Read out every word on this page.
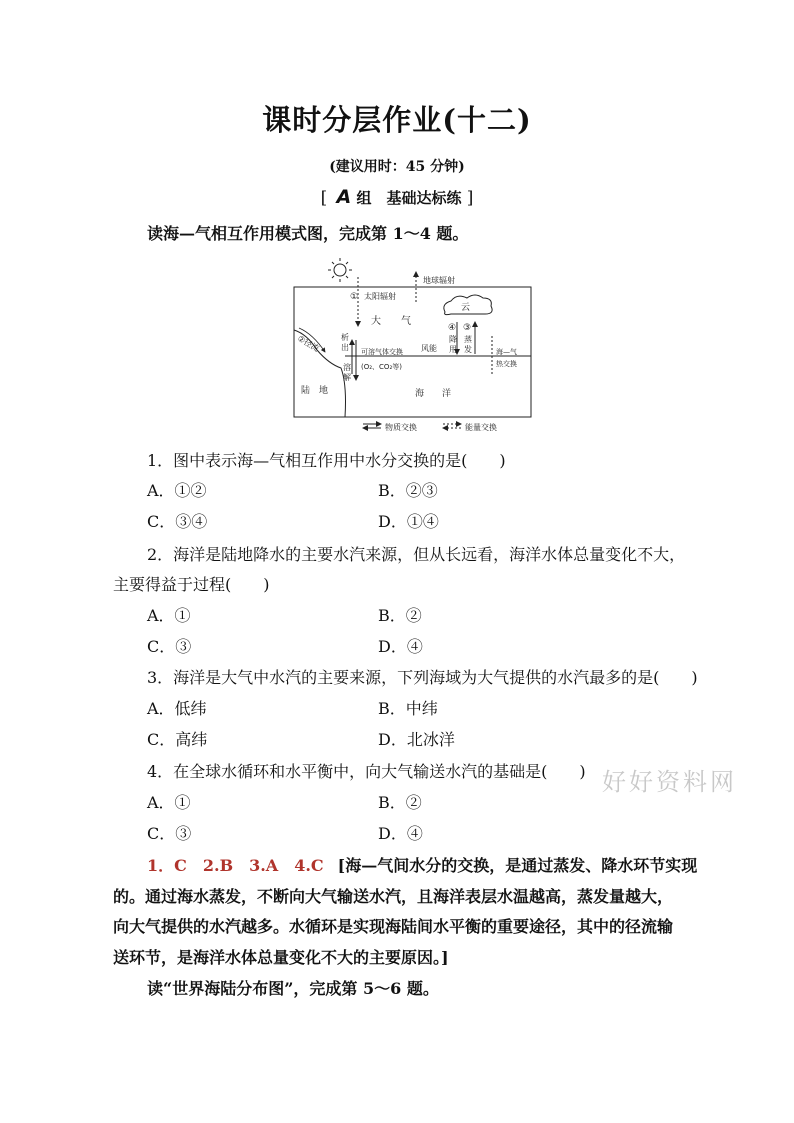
课时分层作业(十二)
(建议用时：45 分钟)
[ A 组　基础达标练 ]
读海—气相互作用模式图，完成第 1～4 题。
① 太阳辐射
地球辐射
云
大　　气
②径流	析
出
溶
解
可溶气体交换
(O₂、CO₂等)
风能
④ ③
降
用
蒸
发	海—气
热交换
陆　地	海　　洋
物质交换	能量交换
1．图中表示海—气相互作用中水分交换的是(　　)
A．①②	B．②③
C．③④	D．①④
2．海洋是陆地降水的主要水汽来源，但从长远看，海洋水体总量变化不大，
主要得益于过程(　　)
A．①	B．②
C．③	D．④
3．海洋是大气中水汽的主要来源，下列海域为大气提供的水汽最多的是(　　)
A．低纬	B．中纬
C．高纬	D．北冰洋
4．在全球水循环和水平衡中，向大气输送水汽的基础是(　　) 好好资料网
A．①	B．②
C．③	D．④
1．C　2.B　3.A　4.C [海—气间水分的交换，是通过蒸发、降水环节实现
的。通过海水蒸发，不断向大气输送水汽，且海洋表层水温越高，蒸发量越大，
向大气提供的水汽越多。水循环是实现海陆间水平衡的重要途径，其中的径流输
送环节，是海洋水体总量变化不大的主要原因。]
读“世界海陆分布图”，完成第 5～6 题。
